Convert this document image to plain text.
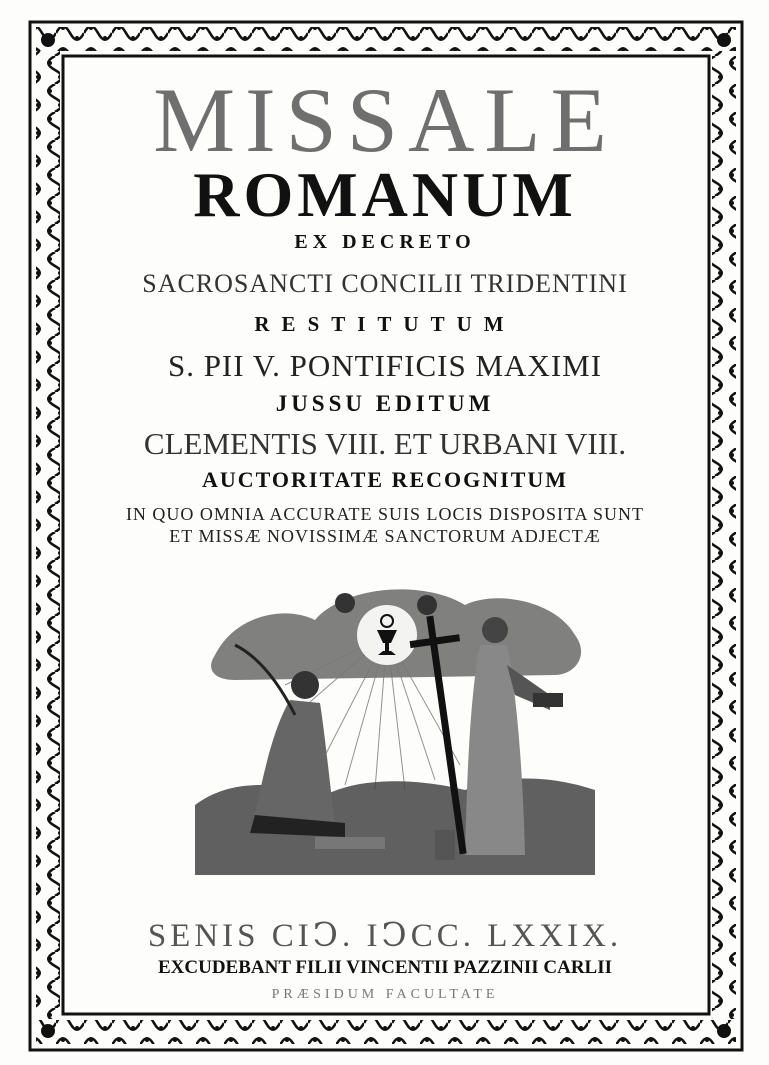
MISSALE
ROMANUM
EX DECRETO
SACROSANCTI CONCILII TRIDENTINI
RESTITUTUM
S. PII V. PONTIFICIS MAXIMI
JUSSU EDITUM
CLEMENTIS VIII. ET URBANI VIII.
AUCTORITATE RECOGNITUM
IN QUO OMNIA ACCURATE SUIS LOCIS DISPOSITA SUNT
ET MISSÆ NOVISSIMÆ SANCTORUM ADJECTÆ
SENIS CIↃ. IↃCC. LXXIX.
EXCUDEBANT FILII VINCENTII PAZZINII CARLII
PRÆSIDUM FACULTATE
